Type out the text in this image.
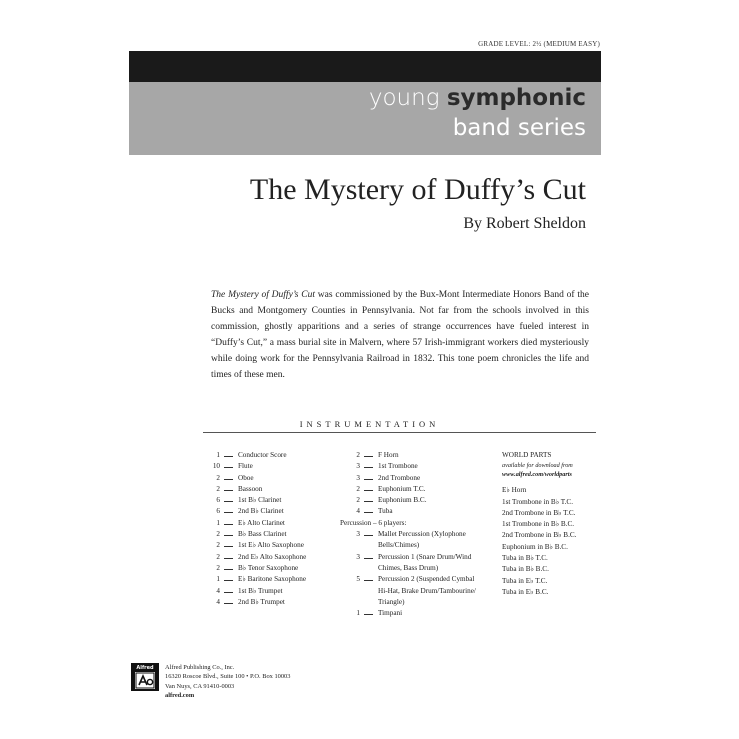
GRADE LEVEL: 2½ (MEDIUM EASY)
young symphonic
band series
The Mystery of Duffy’s Cut
By Robert Sheldon
The Mystery of Duffy’s Cut was commissioned by the Bux-Mont Intermediate Honors Band of the Bucks and Montgomery Counties in Pennsylvania. Not far from the schools involved in this commission, ghostly apparitions and a series of strange occurrences have fueled interest in “Duffy’s Cut,” a mass burial site in Malvern, where 57 Irish-immigrant workers died mysteriously while doing work for the Pennsylvania Railroad in 1832. This tone poem chronicles the life and times of these men.
INSTRUMENTATION
1	Conductor Score
10	Flute
2	Oboe
2	Bassoon
6	1st B♭ Clarinet
6	2nd B♭ Clarinet
1	E♭ Alto Clarinet
2	B♭ Bass Clarinet
2	1st E♭ Alto Saxophone
2	2nd E♭ Alto Saxophone
2	B♭ Tenor Saxophone
1	E♭ Baritone Saxophone
4	1st B♭ Trumpet
4	2nd B♭ Trumpet
2	F Horn
3	1st Trombone
3	2nd Trombone
2	Euphonium T.C.
2	Euphonium B.C.
4	Tuba
Percussion – 6 players:
3	Mallet Percussion (Xylophone
Bells/Chimes)
3	Percussion 1 (Snare Drum/Wind
Chimes, Bass Drum)
5	Percussion 2 (Suspended Cymbal
Hi-Hat, Brake Drum/Tambourine/
Triangle)
1	Timpani
WORLD PARTS
available for download from
www.alfred.com/worldparts
E♭ Horn
1st Trombone in B♭ T.C.
2nd Trombone in B♭ T.C.
1st Trombone in B♭ B.C.
2nd Trombone in B♭ B.C.
Euphonium in B♭ B.C.
Tuba in B♭ T.C.
Tuba in B♭ B.C.
Tuba in E♭ T.C.
Tuba in E♭ B.C.
Alfred	Alfred Publishing Co., Inc.
16320 Roscoe Blvd., Suite 100 • P.O. Box 10003
Van Nuys, CA 91410-0003
alfred.com
